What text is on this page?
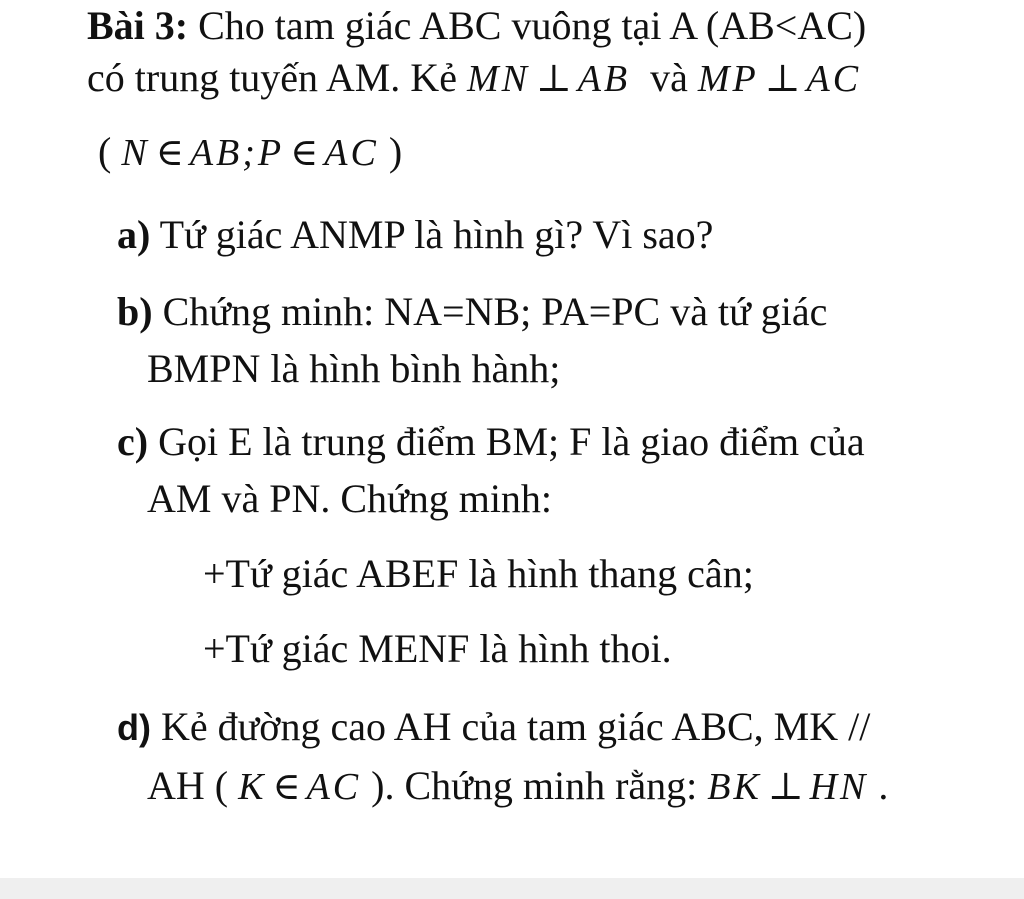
Bài 3: Cho tam giác ABC vuông tại A (AB<AC)
có trung tuyến AM. Kẻ MN ⊥ AB và MP ⊥ AC
( N ∈ AB;P ∈ AC )
a) Tứ giác ANMP là hình gì? Vì sao?
b) Chứng minh: NA=NB; PA=PC và tứ giác
BMPN là hình bình hành;
c) Gọi E là trung điểm BM; F là giao điểm của
AM và PN. Chứng minh:
+Tứ giác ABEF là hình thang cân;
+Tứ giác MENF là hình thoi.
d) Kẻ đường cao AH của tam giác ABC, MK //
AH ( K ∈ AC ). Chứng minh rằng: BK ⊥ HN .
